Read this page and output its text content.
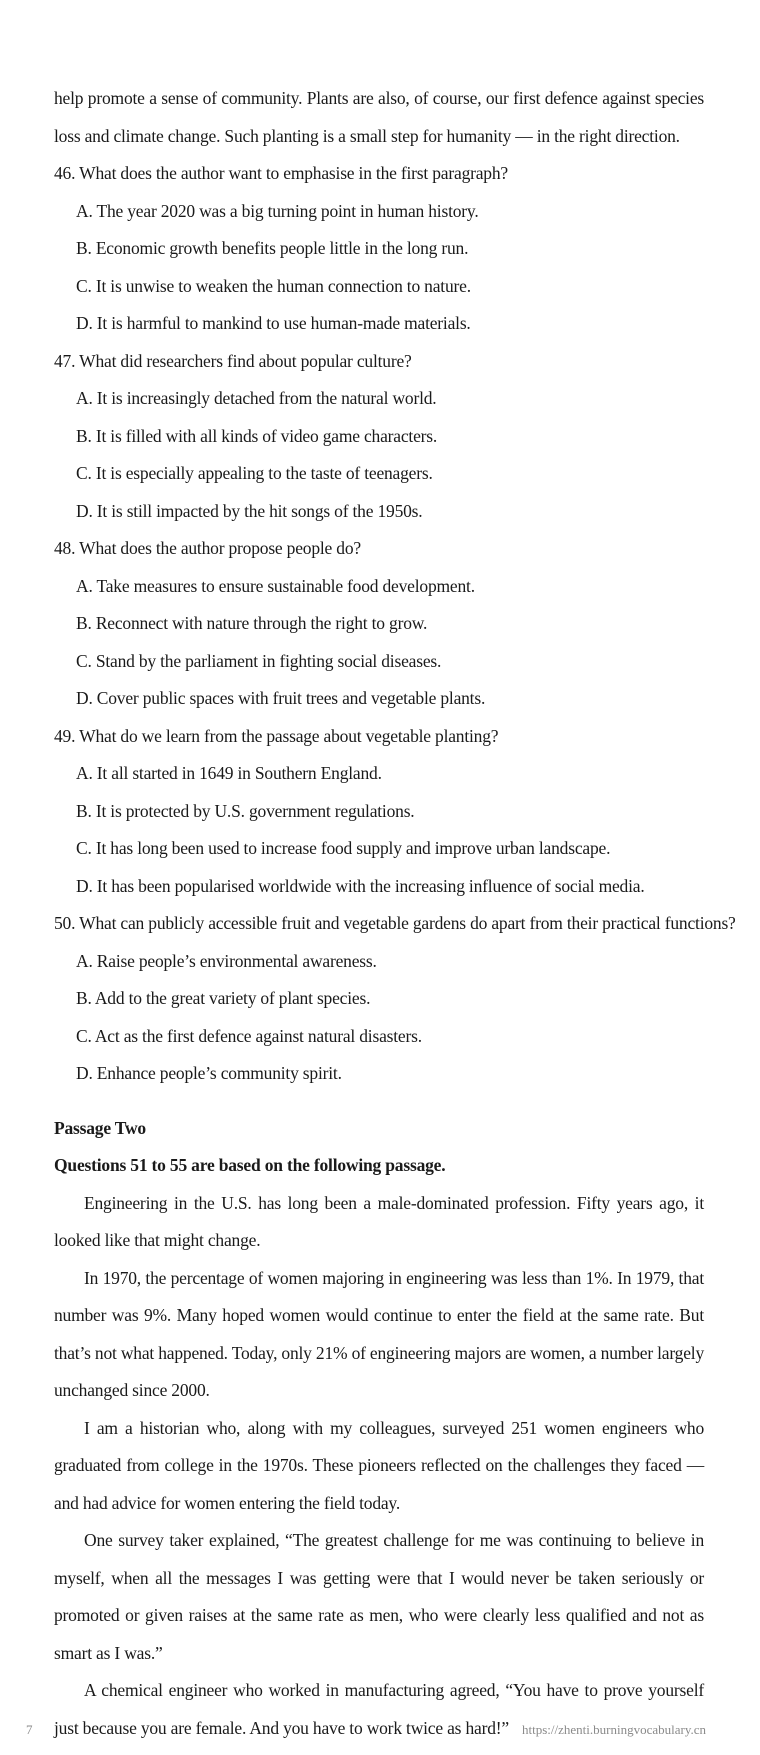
help promote a sense of community. Plants are also, of course, our first defence against species loss and climate change. Such planting is a small step for humanity — in the right direction.

46. What does the author want to emphasise in the first paragraph?

A. The year 2020 was a big turning point in human history.

B. Economic growth benefits people little in the long run.

C. It is unwise to weaken the human connection to nature.

D. It is harmful to mankind to use human-made materials.

47. What did researchers find about popular culture?

A. It is increasingly detached from the natural world.

B. It is filled with all kinds of video game characters.

C. It is especially appealing to the taste of teenagers.

D. It is still impacted by the hit songs of the 1950s.

48. What does the author propose people do?

A. Take measures to ensure sustainable food development.

B. Reconnect with nature through the right to grow.

C. Stand by the parliament in fighting social diseases.

D. Cover public spaces with fruit trees and vegetable plants.

49. What do we learn from the passage about vegetable planting?

A. It all started in 1649 in Southern England.

B. It is protected by U.S. government regulations.

C. It has long been used to increase food supply and improve urban landscape.

D. It has been popularised worldwide with the increasing influence of social media.

50. What can publicly accessible fruit and vegetable gardens do apart from their practical functions?

A. Raise people’s environmental awareness.

B. Add to the great variety of plant species.

C. Act as the first defence against natural disasters.

D. Enhance people’s community spirit.

Passage Two

Questions 51 to 55 are based on the following passage.

Engineering in the U.S. has long been a male-dominated profession. Fifty years ago, it looked like that might change.

In 1970, the percentage of women majoring in engineering was less than 1%. In 1979, that number was 9%. Many hoped women would continue to enter the field at the same rate. But that’s not what happened. Today, only 21% of engineering majors are women, a number largely unchanged since 2000.

I am a historian who, along with my colleagues, surveyed 251 women engineers who graduated from college in the 1970s. These pioneers reflected on the challenges they faced — and had advice for women entering the field today.

One survey taker explained, “The greatest challenge for me was continuing to believe in myself, when all the messages I was getting were that I would never be taken seriously or promoted or given raises at the same rate as men, who were clearly less qualified and not as smart as I was.”

A chemical engineer who worked in manufacturing agreed, “You have to prove yourself just because you are female. And you have to work twice as hard!”

7	https://zhenti.burningvocabulary.cn
